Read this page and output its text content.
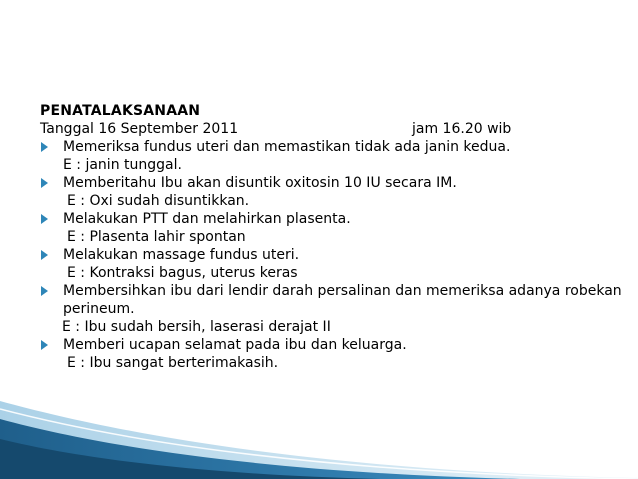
PENATALAKSANAAN
Tanggal 16 September 2011	jam 16.20 wib
Memeriksa fundus uteri dan memastikan tidak ada janin kedua.
E : janin tunggal.
Memberitahu Ibu akan disuntik oxitosin 10 IU secara IM.
E : Oxi sudah disuntikkan.
Melakukan PTT dan melahirkan plasenta.
E : Plasenta lahir spontan
Melakukan massage fundus uteri.
E : Kontraksi bagus, uterus keras
Membersihkan ibu dari lendir darah persalinan dan memeriksa adanya robekan perineum.
E : Ibu sudah bersih, laserasi derajat II
Memberi ucapan selamat pada ibu dan keluarga.
E : Ibu sangat berterimakasih.
